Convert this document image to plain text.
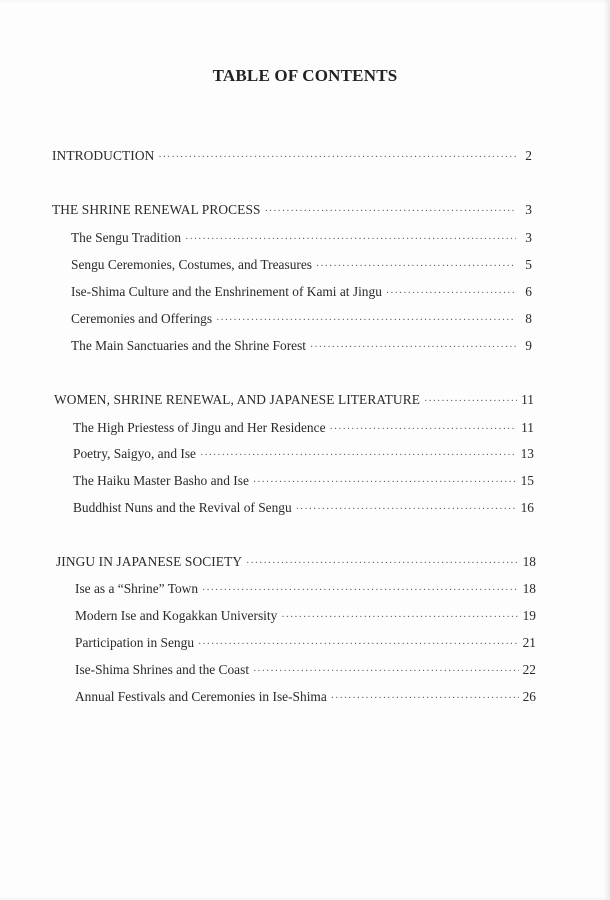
TABLE OF CONTENTS
INTRODUCTION ·····	2
THE SHRINE RENEWAL PROCESS ·····	3
The Sengu Tradition ·····	3
Sengu Ceremonies, Costumes, and Treasures ·····	5
Ise-Shima Culture and the Enshrinement of Kami at Jingu ·····	6
Ceremonies and Offerings ·····	8
The Main Sanctuaries and the Shrine Forest ·····	9
WOMEN, SHRINE RENEWAL, AND JAPANESE LITERATURE ·····	11
The High Priestess of Jingu and Her Residence ·····	11
Poetry, Saigyo, and Ise ·····	13
The Haiku Master Basho and Ise ·····	15
Buddhist Nuns and the Revival of Sengu ·····	16
JINGU IN JAPANESE SOCIETY ·····	18
Ise as a “Shrine” Town ·····	18
Modern Ise and Kogakkan University ·····	19
Participation in Sengu ·····	21
Ise-Shima Shrines and the Coast ·····	22
Annual Festivals and Ceremonies in Ise-Shima ·····	26
